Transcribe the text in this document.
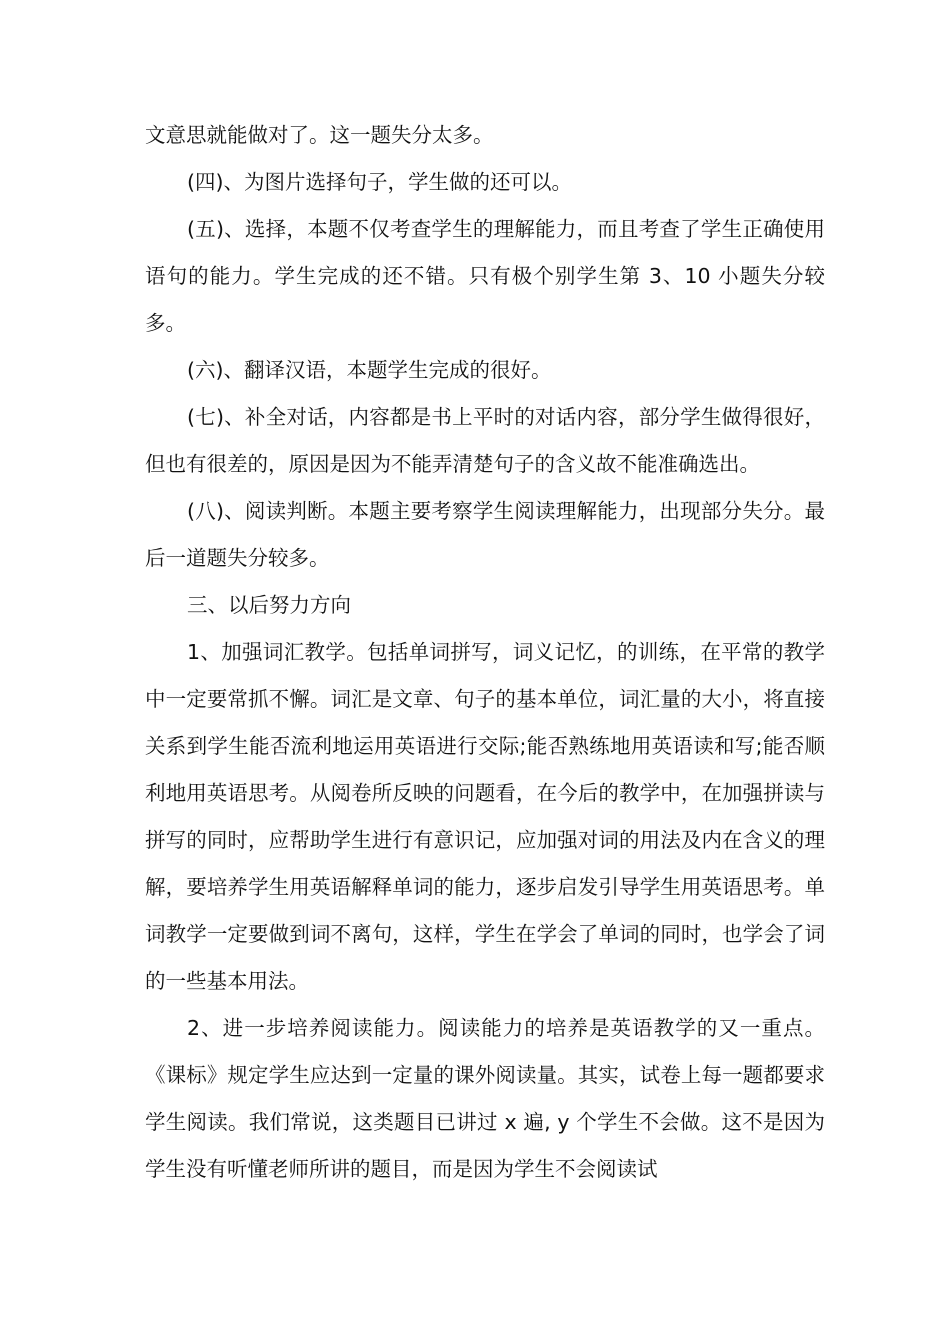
文意思就能做对了。这一题失分太多。

(四)、为图片选择句子，学生做的还可以。

(五)、选择，本题不仅考查学生的理解能力，而且考查了学生正确使用语句的能力。学生完成的还不错。只有极个别学生第 3、10 小题失分较多。

(六)、翻译汉语，本题学生完成的很好。

(七)、补全对话，内容都是书上平时的对话内容，部分学生做得很好，但也有很差的，原因是因为不能弄清楚句子的含义故不能准确选出。

(八)、阅读判断。本题主要考察学生阅读理解能力，出现部分失分。最后一道题失分较多。

三、以后努力方向

1、加强词汇教学。包括单词拼写，词义记忆，的训练，在平常的教学中一定要常抓不懈。词汇是文章、句子的基本单位，词汇量的大小，将直接关系到学生能否流利地运用英语进行交际;能否熟练地用英语读和写;能否顺利地用英语思考。从阅卷所反映的问题看，在今后的教学中，在加强拼读与拼写的同时，应帮助学生进行有意识记，应加强对词的用法及内在含义的理解，要培养学生用英语解释单词的能力，逐步启发引导学生用英语思考。单词教学一定要做到词不离句，这样，学生在学会了单词的同时，也学会了词的一些基本用法。

2、进一步培养阅读能力。阅读能力的培养是英语教学的又一重点。《课标》规定学生应达到一定量的课外阅读量。其实，试卷上每一题都要求学生阅读。我们常说，这类题目已讲过 x 遍, y 个学生不会做。这不是因为学生没有听懂老师所讲的题目，而是因为学生不会阅读试
